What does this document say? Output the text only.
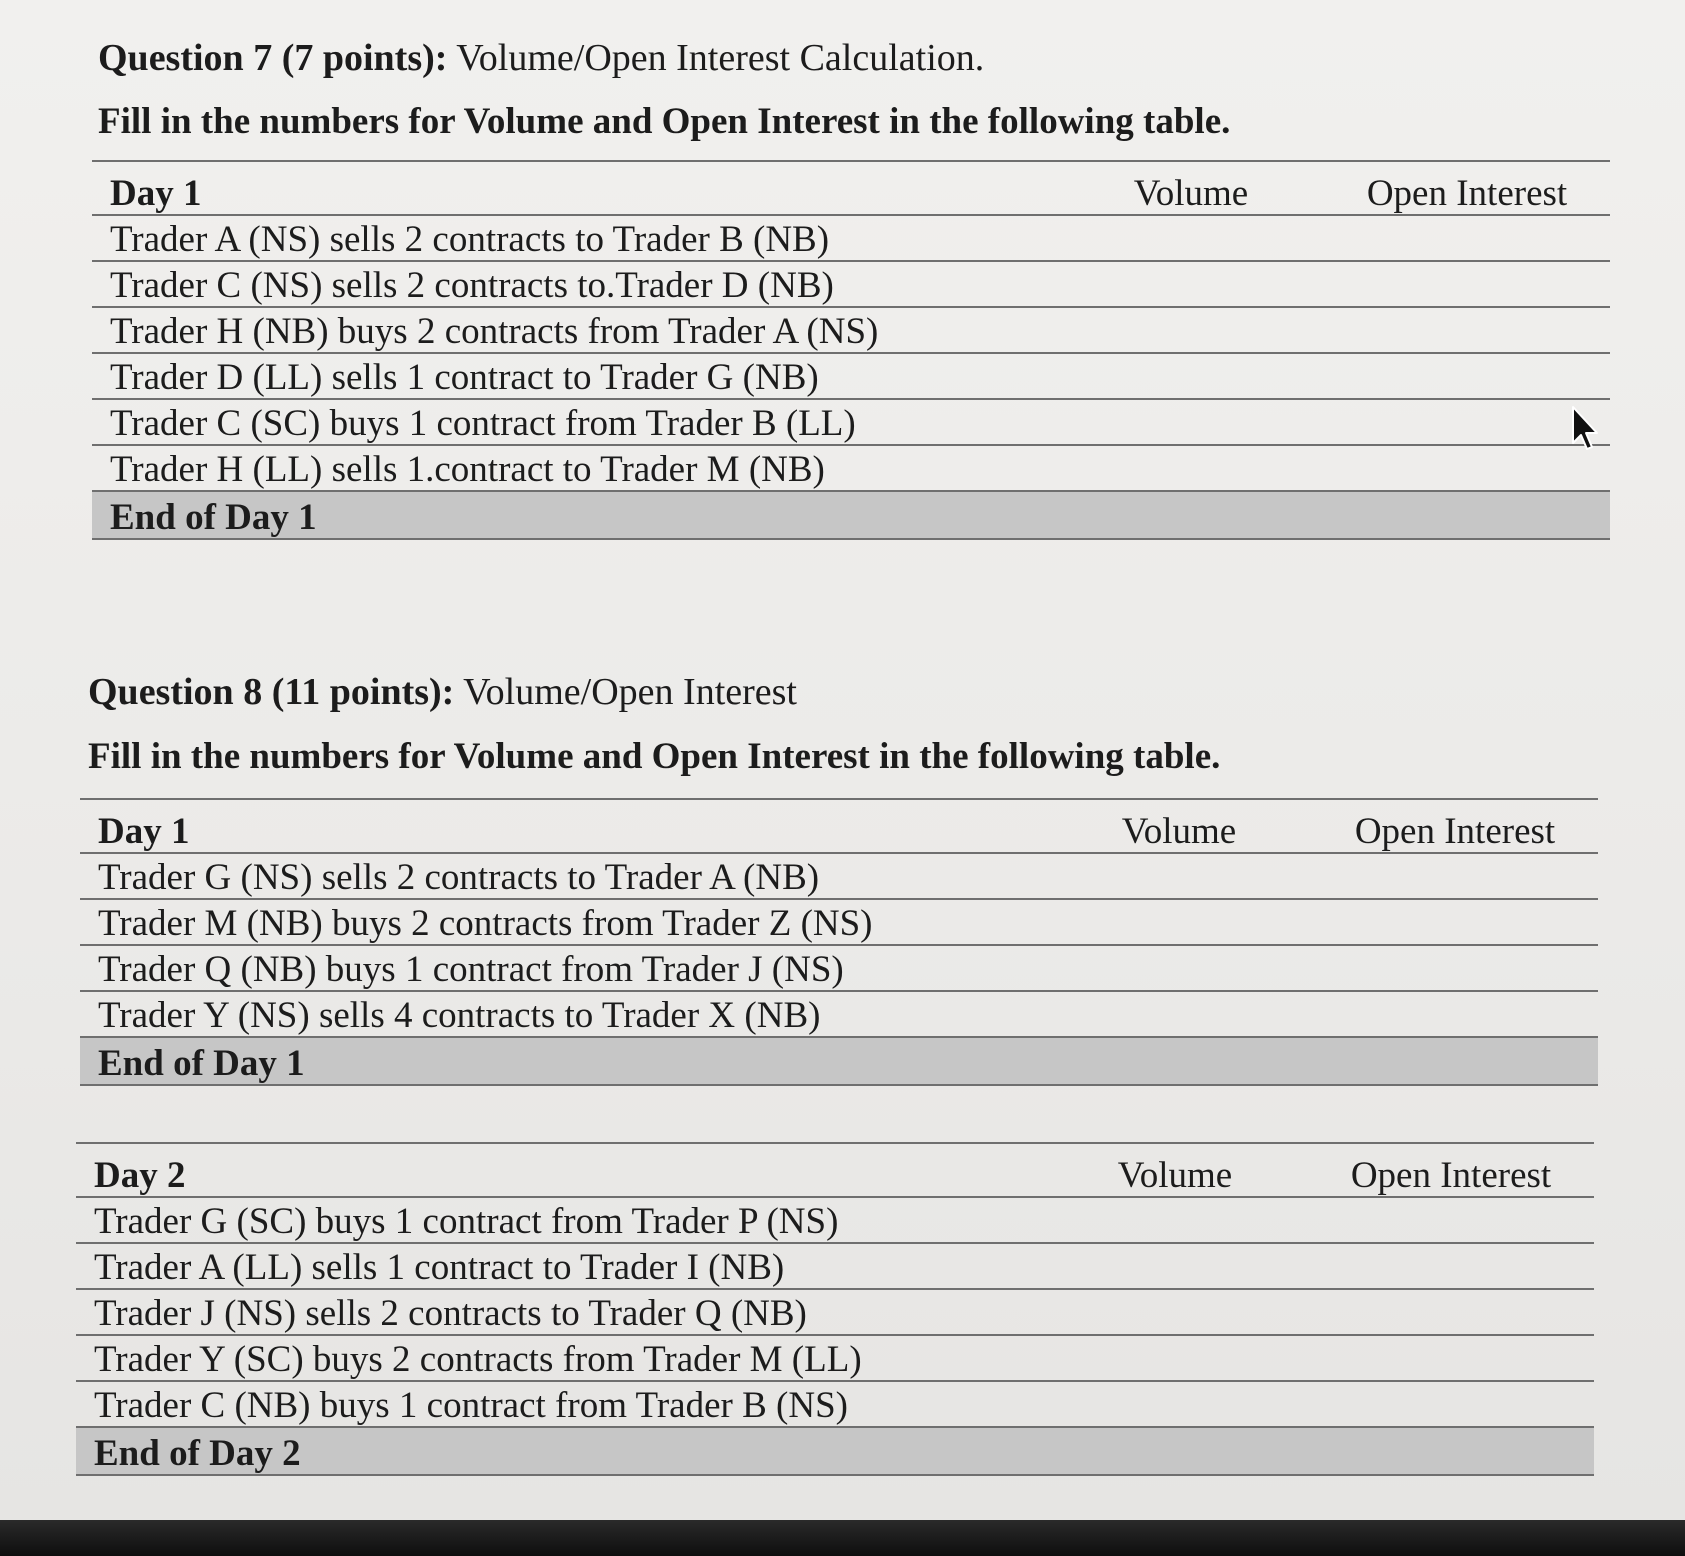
Question 7 (7 points): Volume/Open Interest Calculation.
Fill in the numbers for Volume and Open Interest in the following table.
Day 1	Volume	Open Interest
Trader A (NS) sells 2 contracts to Trader B (NB)		
Trader C (NS) sells 2 contracts to.Trader D (NB)		
Trader H (NB) buys 2 contracts from Trader A (NS)		
Trader D (LL) sells 1 contract to Trader G (NB)		
Trader C (SC) buys 1 contract from Trader B (LL)		
Trader H (LL) sells 1.contract to Trader M (NB)		
End of Day 1		
Question 8 (11 points): Volume/Open Interest
Fill in the numbers for Volume and Open Interest in the following table.
Day 1	Volume	Open Interest
Trader G (NS) sells 2 contracts to Trader A (NB)		
Trader M (NB) buys 2 contracts from Trader Z (NS)		
Trader Q (NB) buys 1 contract from Trader J (NS)		
Trader Y (NS) sells 4 contracts to Trader X (NB)		
End of Day 1		
Day 2	Volume	Open Interest
Trader G (SC) buys 1 contract from Trader P (NS)		
Trader A (LL) sells 1 contract to Trader I (NB)		
Trader J (NS) sells 2 contracts to Trader Q (NB)		
Trader Y (SC) buys 2 contracts from Trader M (LL)		
Trader C (NB) buys 1 contract from Trader B (NS)		
End of Day 2		
